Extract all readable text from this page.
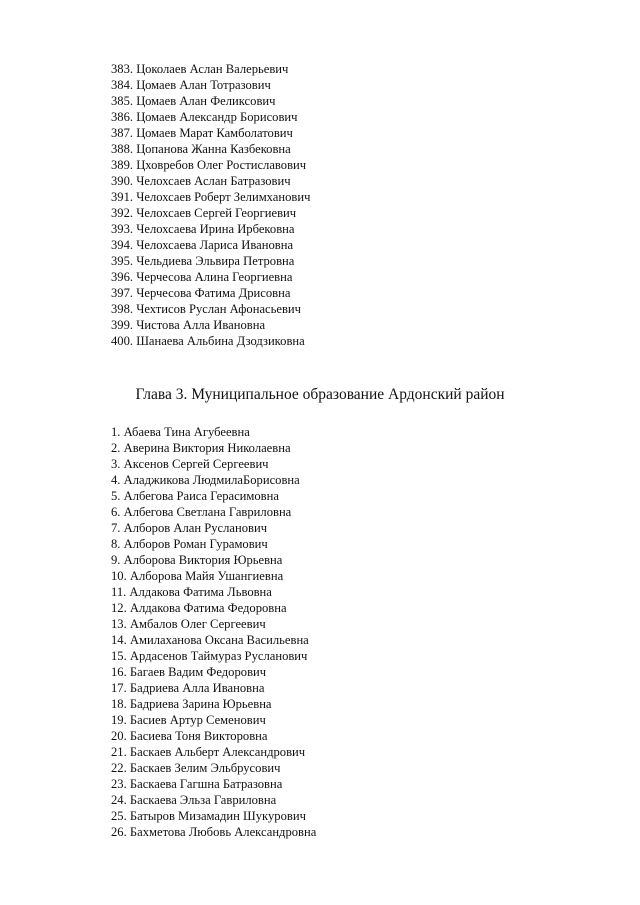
383. Цоколаев Аслан Валерьевич
384. Цомаев Алан Тотразович
385. Цомаев Алан Феликсович
386. Цомаев Александр Борисович
387. Цомаев Марат Камболатович
388. Цопанова Жанна Казбековна
389. Цховребов Олег Ростиславович
390. Челохсаев Аслан Батразович
391. Челохсаев Роберт Зелимханович
392. Челохсаев Сергей Георгиевич
393. Челохсаева Ирина Ирбековна
394. Челохсаева Лариса Ивановна
395. Чельдиева Эльвира Петровна
396. Черчесова Алина Георгиевна
397. Черчесова Фатима Дрисовна
398. Чехтисов Руслан Афонасьевич
399. Чистова Алла Ивановна
400. Шанаева Альбина Дзодзиковна
Глава 3. Муниципальное образование Ардонский район
1. Абаева Тина Агубеевна
2. Аверина Виктория Николаевна
3. Аксенов Сергей Сергеевич
4. Аладжикова ЛюдмилаБорисовна
5. Албегова Раиса Герасимовна
6. Албегова Светлана Гавриловна
7. Алборов Алан Русланович
8. Алборов Роман Гурамович
9. Алборова Виктория Юрьевна
10. Алборова Майя Ушангиевна
11. Алдакова Фатима Львовна
12. Алдакова Фатима Федоровна
13. Амбалов Олег Сергеевич
14. Амилаханова Оксана Васильевна
15. Ардасенов Таймураз Русланович
16. Багаев Вадим Федорович
17. Бадриева Алла Ивановна
18. Бадриева Зарина Юрьевна
19. Басиев Артур Семенович
20. Басиева Тоня Викторовна
21. Баскаев Альберт Александрович
22. Баскаев Зелим Эльбрусович
23. Баскаева Гагшна Батразовна
24. Баскаева Эльза Гавриловна
25. Батыров Мизамадин Шукурович
26. Бахметова Любовь Александровна
